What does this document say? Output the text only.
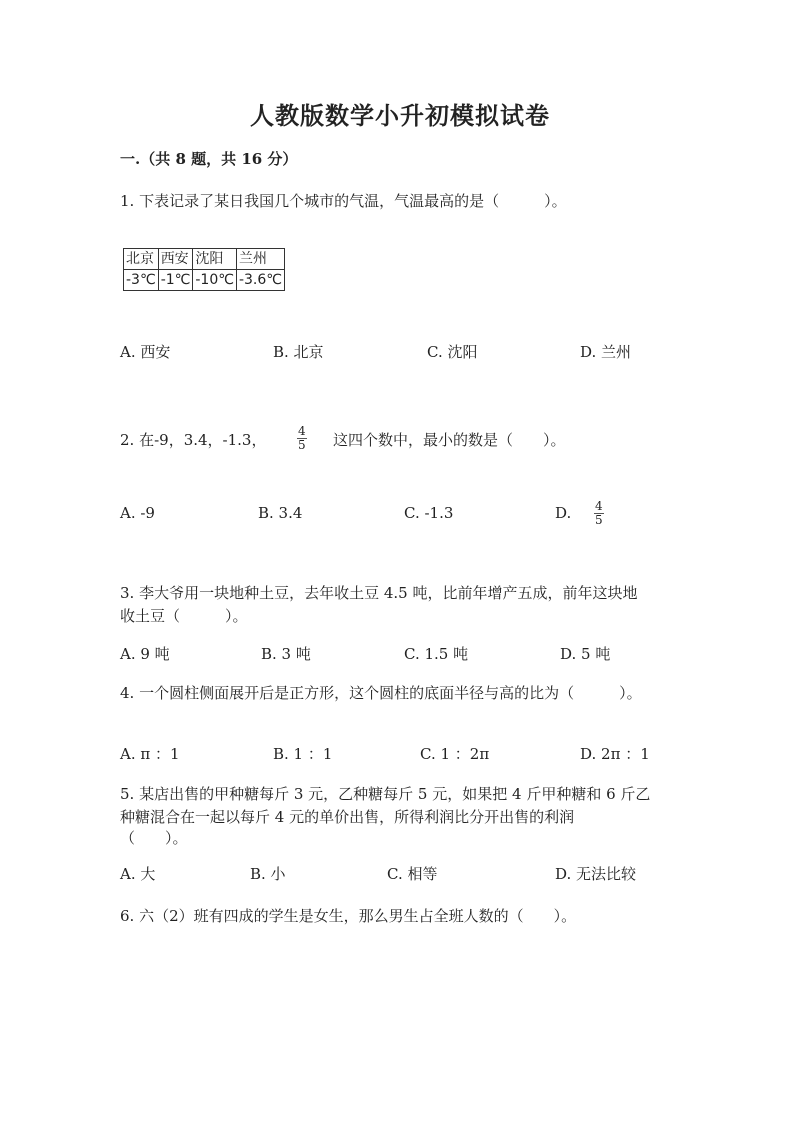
人教版数学小升初模拟试卷
一.（共 8 题，共 16 分）
1. 下表记录了某日我国几个城市的气温，气温最高的是（　　　）。
北京	西安	沈阳	兰州
-3℃	-1℃	-10℃	-3.6℃
A. 西安	B. 北京	C. 沈阳	D. 兰州
2. 在-9，3.4，-1.3，	$\frac{4}{5}$ 这四个数中，最小的数是（　　）。
A. -9	B. 3.4	C. -1.3	D. $\frac{4}{5}$
3. 李大爷用一块地种土豆，去年收土豆 4.5 吨，比前年增产五成，前年这块地
收土豆（　　　）。
A. 9 吨	B. 3 吨	C. 1.5 吨	D. 5 吨
4. 一个圆柱侧面展开后是正方形，这个圆柱的底面半径与高的比为（　　　）。
A. π ：1	B. 1 ：1	C. 1 ：2π	D. 2π ：1
5. 某店出售的甲种糖每斤 3 元，乙种糖每斤 5 元，如果把 4 斤甲种糖和 6 斤乙
种糖混合在一起以每斤 4 元的单价出售，所得利润比分开出售的利润
（　　）。
A. 大	B. 小	C. 相等	D. 无法比较
6. 六（2）班有四成的学生是女生，那么男生占全班人数的（　　）。
